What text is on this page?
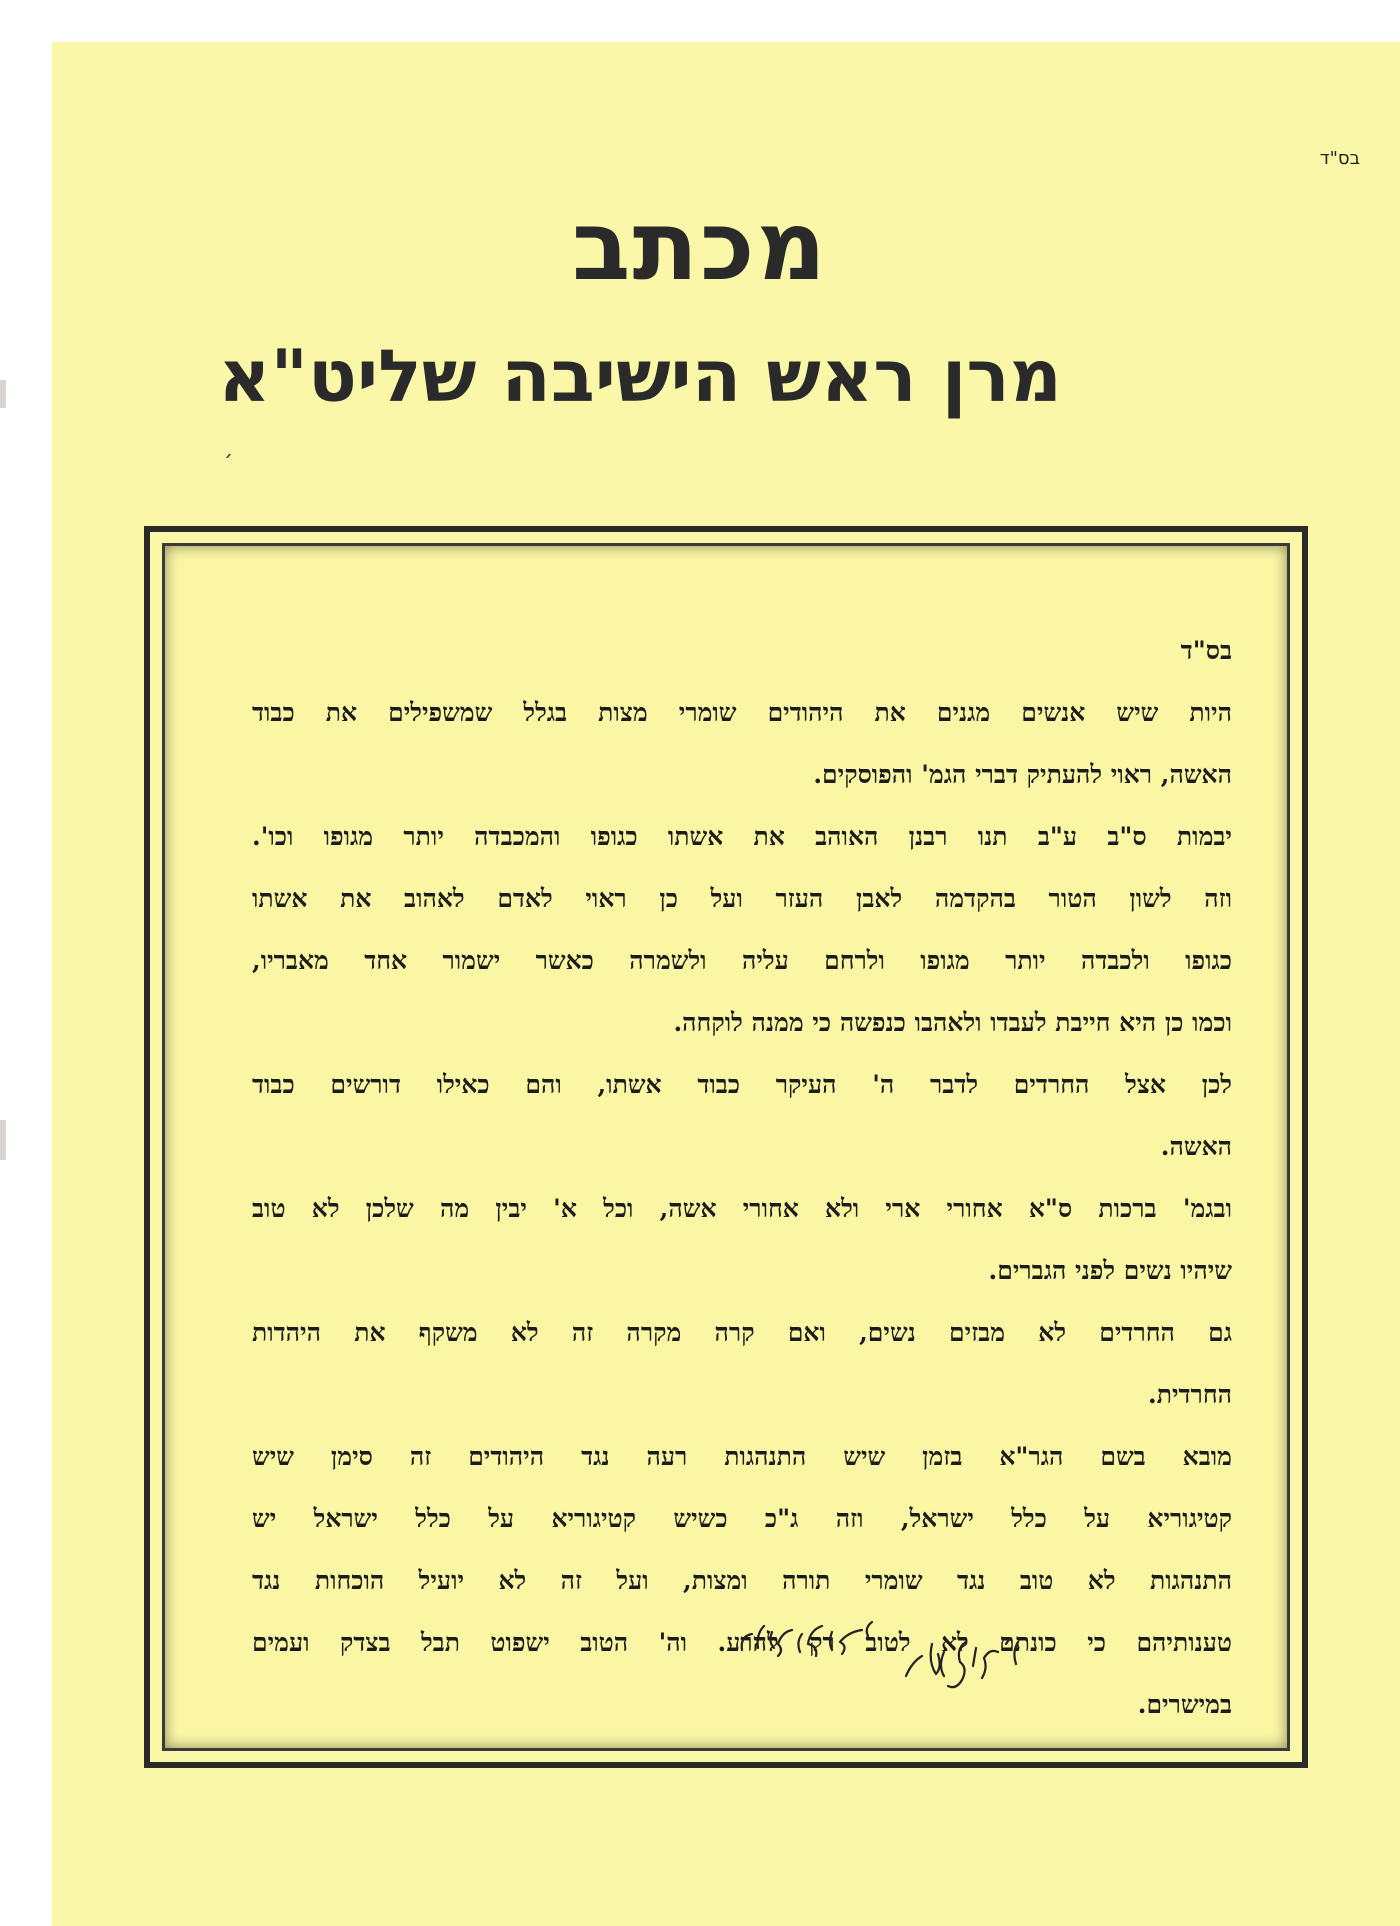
בס"ד
מכתב
מרן ראש הישיבה שליט"א
´
בס"ד
היות שיש אנשים מגנים את היהודים שומרי מצות בגלל שמשפילים את כבוד
האשה, ראוי להעתיק דברי הגמ' והפוסקים.
יבמות ס"ב ע"ב תנו רבנן האוהב את אשתו כגופו והמכבדה יותר מגופו וכו'.
וזה לשון הטור בהקדמה לאבן העזר ועל כן ראוי לאדם לאהוב את אשתו
כגופו ולכבדה יותר מגופו ולרחם עליה ולשמרה כאשר ישמור אחד מאבריו,
וכמו כן היא חייבת לעבדו ולאהבו כנפשה כי ממנה לוקחה.
לכן אצל החרדים לדבר ה' העיקר כבוד אשתו, והם כאילו דורשים כבוד
האשה.
ובגמ' ברכות ס"א אחורי ארי ולא אחורי אשה, וכל א' יבין מה שלכן לא טוב
שיהיו נשים לפני הגברים.
גם החרדים לא מבזים נשים, ואם קרה מקרה זה לא משקף את היהדות
החרדית.
מובא בשם הגר"א בזמן שיש התנהגות רעה נגד היהודים זה סימן שיש
קטיגוריא על כלל ישראל, וזה ג"כ כשיש קטיגוריא על כלל ישראל יש
התנהגות לא טוב נגד שומרי תורה ומצות, ועל זה לא יועיל הוכחות נגד
טענותיהם כי כונתם לא לטוב רק להרע. וה' הטוב ישפוט תבל בצדק ועמים
במישרים.
